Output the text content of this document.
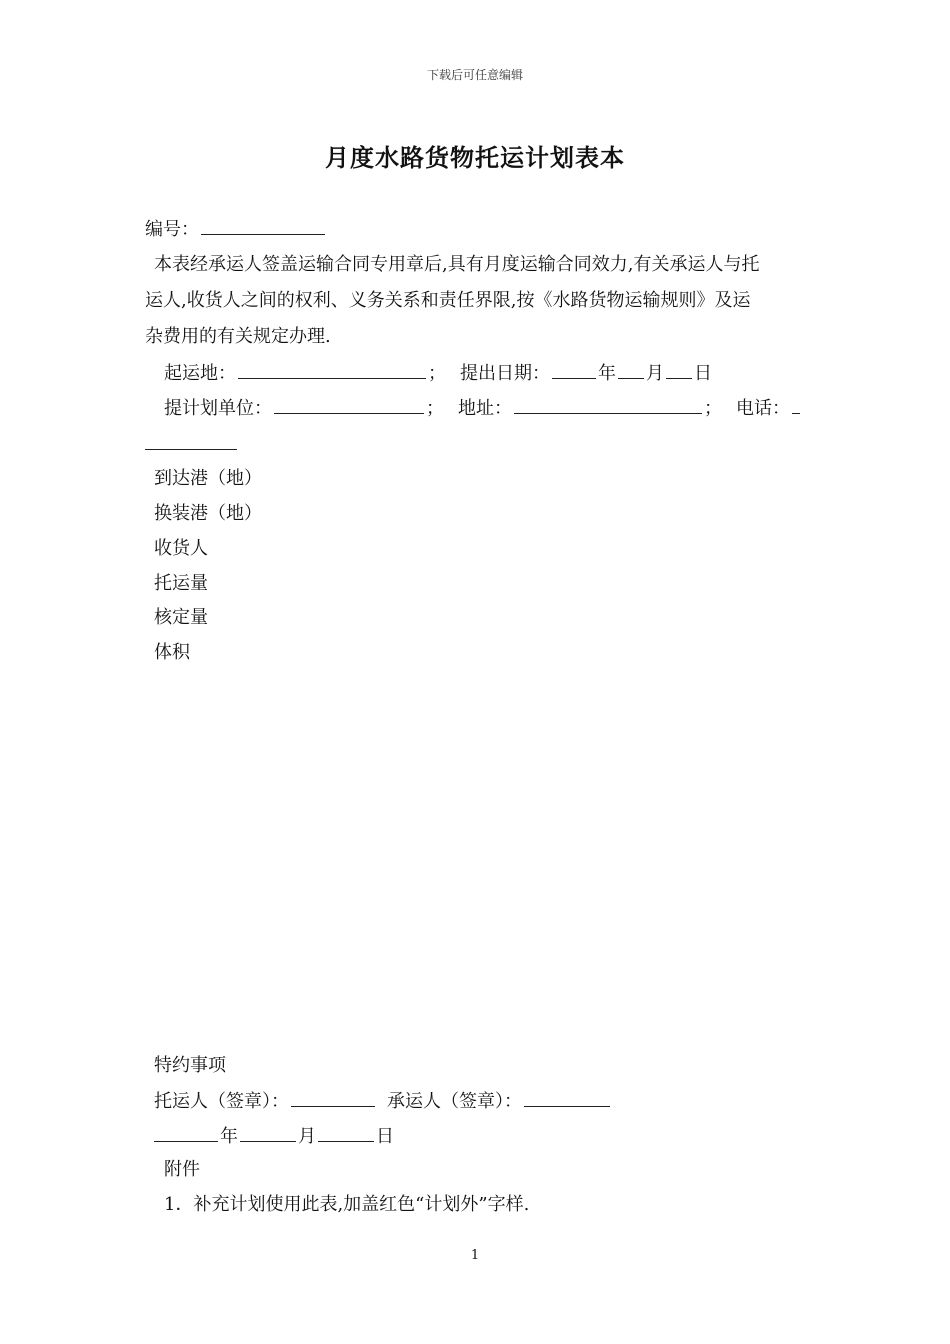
下载后可任意编辑
月度水路货物托运计划表本
编号：
本表经承运人签盖运输合同专用章后,具有月度运输合同效力,有关承运人与托
运人,收货人之间的权利、义务关系和责任界限,按《水路货物运输规则》及运
杂费用的有关规定办理.
起运地：	； 提出日期：	年 月 日
提计划单位：	； 地址：	； 电话：
到达港（地）
换装港（地）
收货人
托运量
核定量
体积
特约事项
托运人（签章）：	承运人（签章）：
年	月	日
附件
1．补充计划使用此表,加盖红色“计划外”字样.
1
